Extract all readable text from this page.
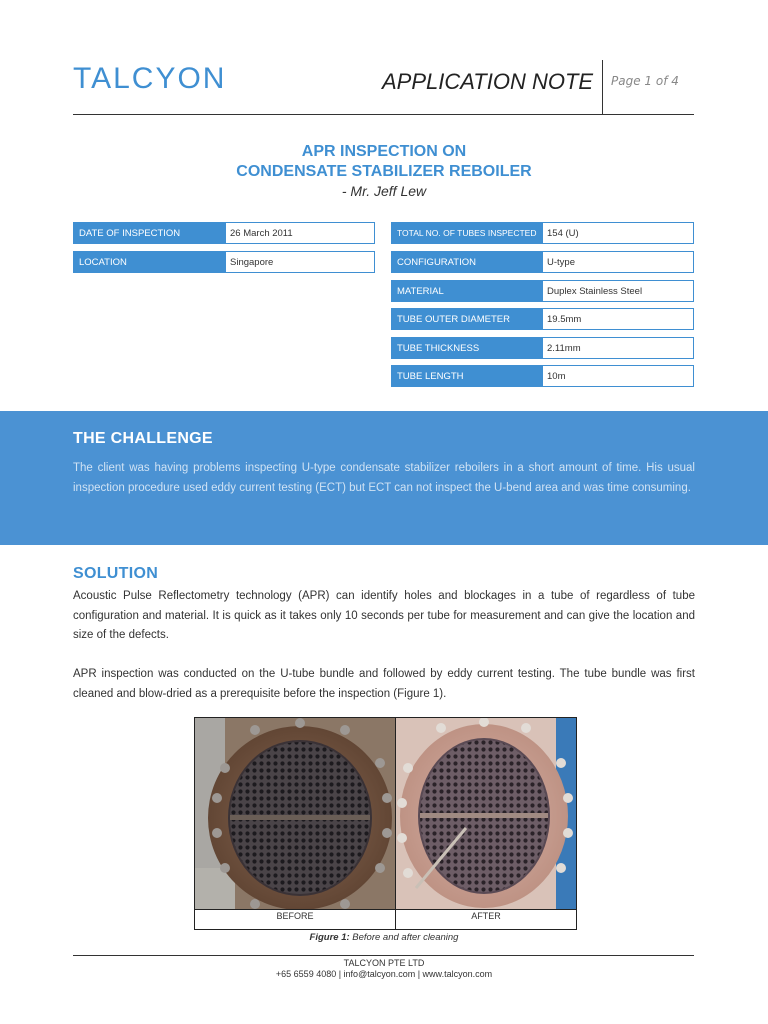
TALCYON	APPLICATION NOTE Page 1 of 4
APR INSPECTION ON
CONDENSATE STABILIZER REBOILER
- Mr. Jeff Lew
DATE OF INSPECTION	26 March 2011
LOCATION	Singapore
TOTAL NO. OF TUBES INSPECTED	154 (U)
CONFIGURATION	U-type
MATERIAL	Duplex Stainless Steel
TUBE OUTER DIAMETER	19.5mm
TUBE THICKNESS	2.11mm
TUBE LENGTH	10m
THE CHALLENGE
The client was having problems inspecting U-type condensate stabilizer reboilers in a short amount of time. His usual inspection procedure used eddy current testing (ECT) but ECT can not inspect the U-bend area and was time consuming.
SOLUTION
Acoustic Pulse Reflectometry technology (APR) can identify holes and blockages in a tube of regardless of tube configuration and material. It is quick as it takes only 10 seconds per tube for measurement and can give the location and size of the defects.
APR inspection was conducted on the U-tube bundle and followed by eddy current testing. The tube bundle was first cleaned and blow-dried as a prerequisite before the inspection (Figure 1).
BEFORE	AFTER
Figure 1: Before and after cleaning
TALCYON PTE LTD
+65 6559 4080 | info@talcyon.com | www.talcyon.com
